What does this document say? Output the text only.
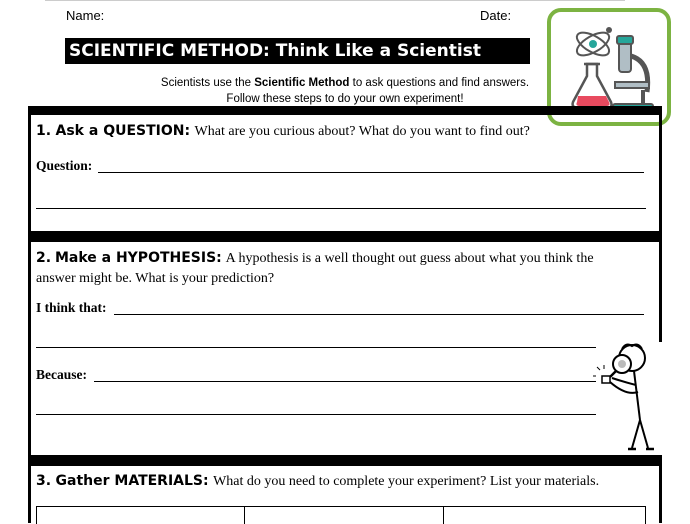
Name:	Date:
SCIENTIFIC METHOD: Think Like a Scientist
Scientists use the Scientific Method to ask questions and find answers.
Follow these steps to do your own experiment!
1. Ask a QUESTION: What are you curious about? What do you want to find out?
Question:
2. Make a HYPOTHESIS: A hypothesis is a well thought out guess about what you think the
answer might be. What is your prediction?
I think that:
Because:
3. Gather MATERIALS: What do you need to complete your experiment? List your materials.
